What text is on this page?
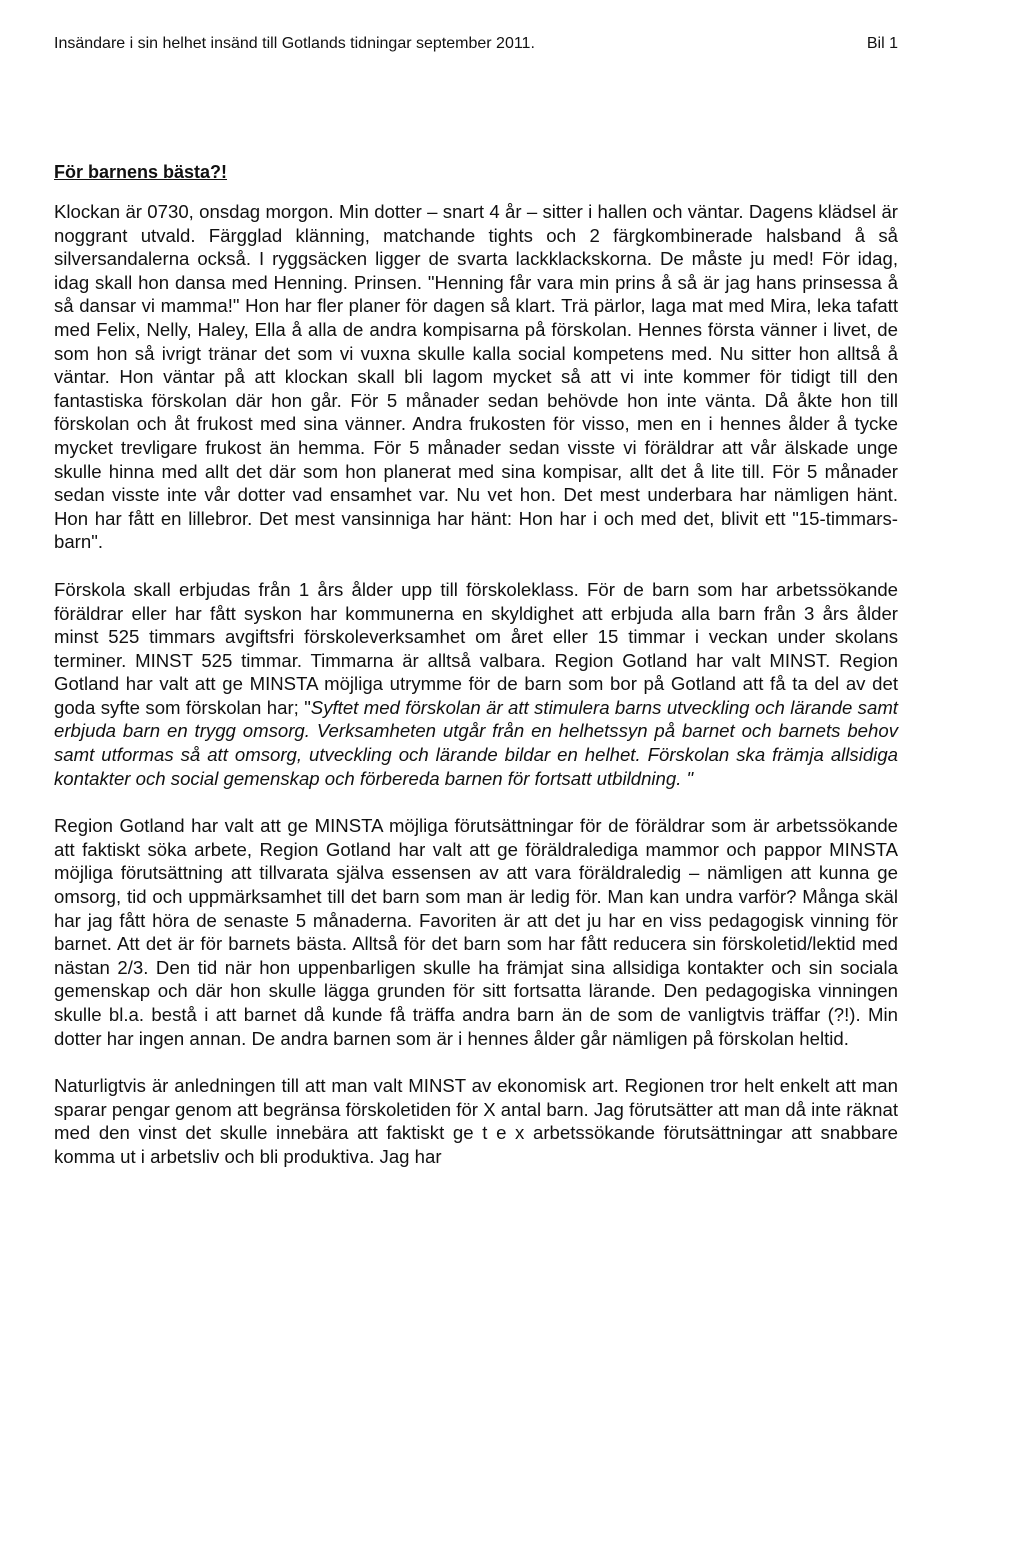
Insändare i sin helhet insänd till Gotlands tidningar september 2011.	Bil 1
För barnens bästa?!

Klockan är 0730, onsdag morgon. Min dotter – snart 4 år – sitter i hallen och väntar. Dagens klädsel är noggrant utvald. Färgglad klänning, matchande tights och 2 färgkombinerade halsband å så silversandalerna också. I ryggsäcken ligger de svarta lackklackskorna. De måste ju med! För idag, idag skall hon dansa med Henning. Prinsen. "Henning får vara min prins å så är jag hans prinsessa å så dansar vi mamma!" Hon har fler planer för dagen så klart. Trä pärlor, laga mat med Mira, leka tafatt med Felix, Nelly, Haley, Ella å alla de andra kompisarna på förskolan. Hennes första vänner i livet, de som hon så ivrigt tränar det som vi vuxna skulle kalla social kompetens med. Nu sitter hon alltså å väntar. Hon väntar på att klockan skall bli lagom mycket så att vi inte kommer för tidigt till den fantastiska förskolan där hon går. För 5 månader sedan behövde hon inte vänta. Då åkte hon till förskolan och åt frukost med sina vänner. Andra frukosten för visso, men en i hennes ålder å tycke mycket trevligare frukost än hemma. För 5 månader sedan visste vi föräldrar att vår älskade unge skulle hinna med allt det där som hon planerat med sina kompisar, allt det å lite till. För 5 månader sedan visste inte vår dotter vad ensamhet var. Nu vet hon. Det mest underbara har nämligen hänt. Hon har fått en lillebror. Det mest vansinniga har hänt: Hon har i och med det, blivit ett "15-timmars-barn".

Förskola skall erbjudas från 1 års ålder upp till förskoleklass. För de barn som har arbetssökande föräldrar eller har fått syskon har kommunerna en skyldighet att erbjuda alla barn från 3 års ålder minst 525 timmars avgiftsfri förskoleverksamhet om året eller 15 timmar i veckan under skolans terminer. MINST 525 timmar. Timmarna är alltså valbara. Region Gotland har valt MINST. Region Gotland har valt att ge MINSTA möjliga utrymme för de barn som bor på Gotland att få ta del av det goda syfte som förskolan har; "Syftet med förskolan är att stimulera barns utveckling och lärande samt erbjuda barn en trygg omsorg. Verksamheten utgår från en helhetssyn på barnet och barnets behov samt utformas så att omsorg, utveckling och lärande bildar en helhet. Förskolan ska främja allsidiga kontakter och social gemenskap och förbereda barnen för fortsatt utbildning. "

Region Gotland har valt att ge MINSTA möjliga förutsättningar för de föräldrar som är arbetssökande att faktiskt söka arbete, Region Gotland har valt att ge föräldralediga mammor och pappor MINSTA möjliga förutsättning att tillvarata själva essensen av att vara föräldraledig – nämligen att kunna ge omsorg, tid och uppmärksamhet till det barn som man är ledig för. Man kan undra varför? Många skäl har jag fått höra de senaste 5 månaderna. Favoriten är att det ju har en viss pedagogisk vinning för barnet. Att det är för barnets bästa. Alltså för det barn som har fått reducera sin förskoletid/lektid med nästan 2/3. Den tid när hon uppenbarligen skulle ha främjat sina allsidiga kontakter och sin sociala gemenskap och där hon skulle lägga grunden för sitt fortsatta lärande. Den pedagogiska vinningen skulle bl.a. bestå i att barnet då kunde få träffa andra barn än de som de vanligtvis träffar (?!). Min dotter har ingen annan. De andra barnen som är i hennes ålder går nämligen på förskolan heltid.

Naturligtvis är anledningen till att man valt MINST av ekonomisk art. Regionen tror helt enkelt att man sparar pengar genom att begränsa förskoletiden för X antal barn. Jag förutsätter att man då inte räknat med den vinst det skulle innebära att faktiskt ge t e x arbetssökande förutsättningar att snabbare komma ut i arbetsliv och bli produktiva. Jag har
